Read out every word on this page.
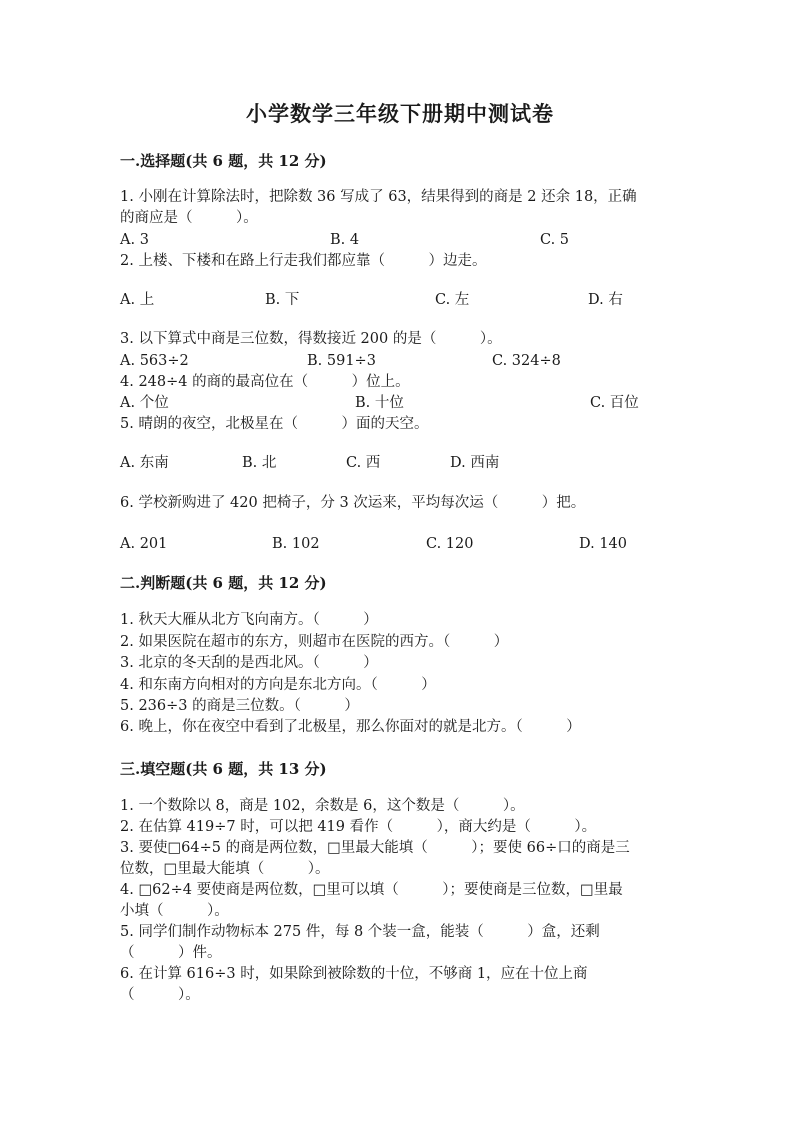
小学数学三年级下册期中测试卷
一.选择题(共 6 题，共 12 分)
1. 小刚在计算除法时，把除数 36 写成了 63，结果得到的商是 2 还余 18，正确
的商应是（　　　）。
A. 3	B. 4	C. 5
2. 上楼、下楼和在路上行走我们都应靠（　　　）边走。
A. 上	B. 下	C. 左	D. 右
3. 以下算式中商是三位数，得数接近 200 的是（　　　）。
A. 563÷2	B. 591÷3	C. 324÷8
4. 248÷4 的商的最高位在（　　　）位上。
A. 个位	B. 十位	C. 百位
5. 晴朗的夜空，北极星在（　　　）面的天空。
A. 东南	B. 北	C. 西	D. 西南
6. 学校新购进了 420 把椅子，分 3 次运来，平均每次运（　　　）把。
A. 201	B. 102	C. 120	D. 140
二.判断题(共 6 题，共 12 分)
1. 秋天大雁从北方飞向南方。（　　　）
2. 如果医院在超市的东方，则超市在医院的西方。（　　　）
3. 北京的冬天刮的是西北风。（　　　）
4. 和东南方向相对的方向是东北方向。（　　　）
5. 236÷3 的商是三位数。（　　　）
6. 晚上，你在夜空中看到了北极星，那么你面对的就是北方。（　　　）
三.填空题(共 6 题，共 13 分)
1. 一个数除以 8，商是 102，余数是 6，这个数是（　　　）。
2. 在估算 419÷7 时，可以把 419 看作（　　　），商大约是（　　　）。
3. 要使□64÷5 的商是两位数，□里最大能填（　　　）；要使 66÷口的商是三
位数，□里最大能填（　　　）。
4. □62÷4 要使商是两位数，□里可以填（　　　）；要使商是三位数，□里最
小填（　　　）。
5. 同学们制作动物标本 275 件，每 8 个装一盒，能装（　　　）盒，还剩
（　　　）件。
6. 在计算 616÷3 时，如果除到被除数的十位，不够商 1，应在十位上商
（　　　）。
